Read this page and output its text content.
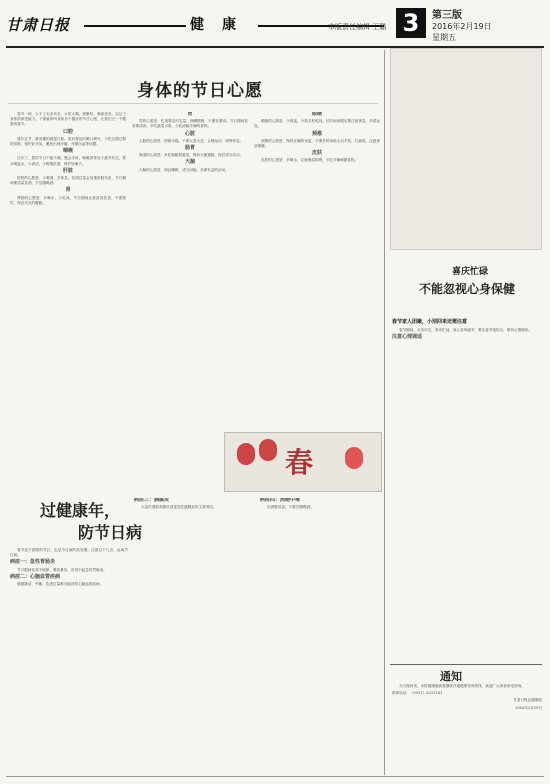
甘肃日报	健康	本版責任编辑 王璐 3	第三版
2016年2月19日
星期五
身体的节日心愿

春节一到，少不了走亲访友、大吃大喝。欢聚时，满桌美食，忘记了身体的承受能力。下面就听听身体各个器官的节日心愿，让我们过一个健康的春节。

口腔

逢年过节，最受累的就是口腔。饭后要及时漱口刷牙，少吃过甜过黏的食物，保护好牙齿，避免出现牙痛、牙龈出血等问题。

咽喉

过年了，您的节日不能不减。聚会多时，咽喉常常处于疲劳状态，要多喝温水，少说话，少吸烟饮酒，保护好嗓子。

肝脏

肝脏的心愿是：少喝酒，多休息。饮酒过量会加重肝脏负担，节日期间要适量饮酒，不空腹喝酒。

肾

肾脏的心愿是：多喝水，少吃咸。节日期间注意清淡饮食，不要憋尿，保证充足的睡眠。

胃

胃的心愿是：吃饭要定时定量，细嚼慢咽，不暴饮暴食。节日期间饮食要清淡，多吃蔬菜水果，少吃油腻辛辣的食物。

心脏

心脏的心愿是：情绪平稳，不要大喜大悲，合理运动，规律作息。

肠胃

肠道的心愿是：多吃粗粮和蔬菜，保持大便通畅，饭后适当活动。

大脑

大脑的心愿是：保证睡眠，适当用脑，多做有益的活动。

眼睛

眼睛的心愿是：少熬夜，少看手机电视。长时间用眼后要注意休息，多看远处。

颈椎

颈椎的心愿是：保持正确的坐姿，不要长时间低头玩手机、打麻将，注意颈部保暖。

皮肤

皮肤的心愿是：多喝水，注意保湿防晒，少吃辛辣刺激食物。

春
过健康年，
防节日病

春节是个团圆的节日，也是节日病的高发期。注意以下几点，远离节日病。

病症一：急性胃肠炎

节日期间饮食不规律，暴饮暴食，容易引起急性胃肠炎。

病症二：心脑血管疾病

情绪激动、劳累、饮酒过量都可能诱发心脑血管疾病。

病症三：胰腺炎

大量饮酒和高脂饮食是急性胰腺炎的主要诱因。

病症四：酒精中毒

饮酒要适量，不要空腹喝酒。

喜庆忙碌
不能忽视心身保健
春节家人团聚，小别回来还需注意

春节期间，走亲访友，喜庆忙碌，身心容易疲劳，要注意劳逸结合，保持心情愉快。

注意心理调适

通知

为方便读者，本报健康版面将继续开通健康咨询热线，欢迎广大读者来电咨询。

联系电话：（0931）8221181

甘肃日报社健康版

2016年2月19日
